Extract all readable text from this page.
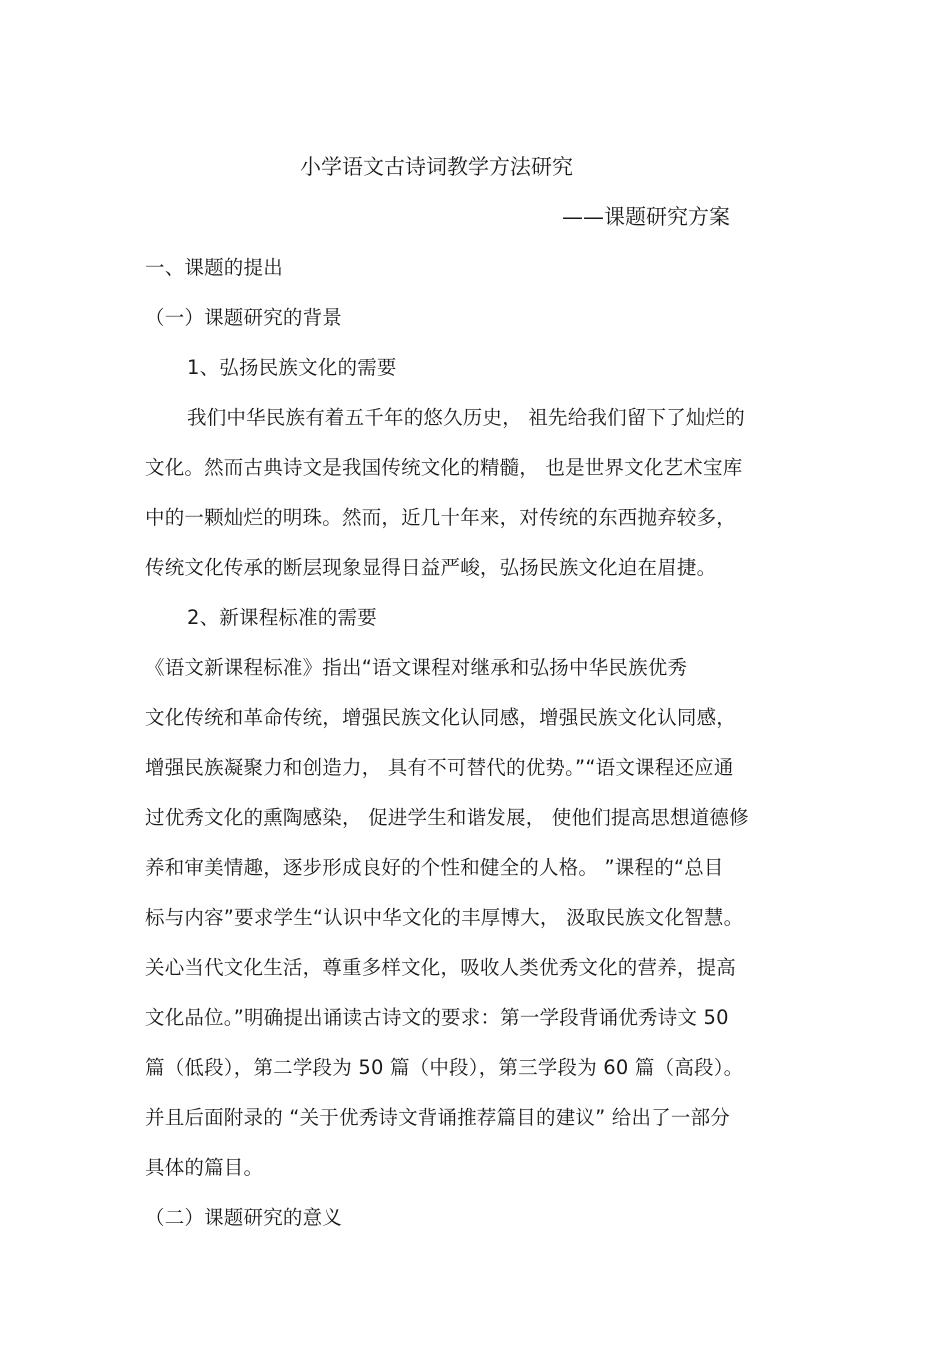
小学语文古诗词教学方法研究
——课题研究方案
一、课题的提出
（一）课题研究的背景
1、弘扬民族文化的需要
我们中华民族有着五千年的悠久历史， 祖先给我们留下了灿烂的
文化。然而古典诗文是我国传统文化的精髓， 也是世界文化艺术宝库
中的一颗灿烂的明珠。然而，近几十年来，对传统的东西抛弃较多，
传统文化传承的断层现象显得日益严峻，弘扬民族文化迫在眉捷。
2、新课程标准的需要
《语文新课程标准》指出“语文课程对继承和弘扬中华民族优秀
文化传统和革命传统，增强民族文化认同感，增强民族文化认同感，
增强民族凝聚力和创造力， 具有不可替代的优势。”“语文课程还应通
过优秀文化的熏陶感染， 促进学生和谐发展， 使他们提高思想道德修
养和审美情趣，逐步形成良好的个性和健全的人格。 ”课程的“总目
标与内容”要求学生“认识中华文化的丰厚博大， 汲取民族文化智慧。
关心当代文化生活，尊重多样文化，吸收人类优秀文化的营养，提高
文化品位。”明确提出诵读古诗文的要求：第一学段背诵优秀诗文 50
篇（低段），第二学段为 50 篇（中段），第三学段为 60 篇（高段）。
并且后面附录的 “关于优秀诗文背诵推荐篇目的建议” 给出了一部分
具体的篇目。
（二）课题研究的意义
